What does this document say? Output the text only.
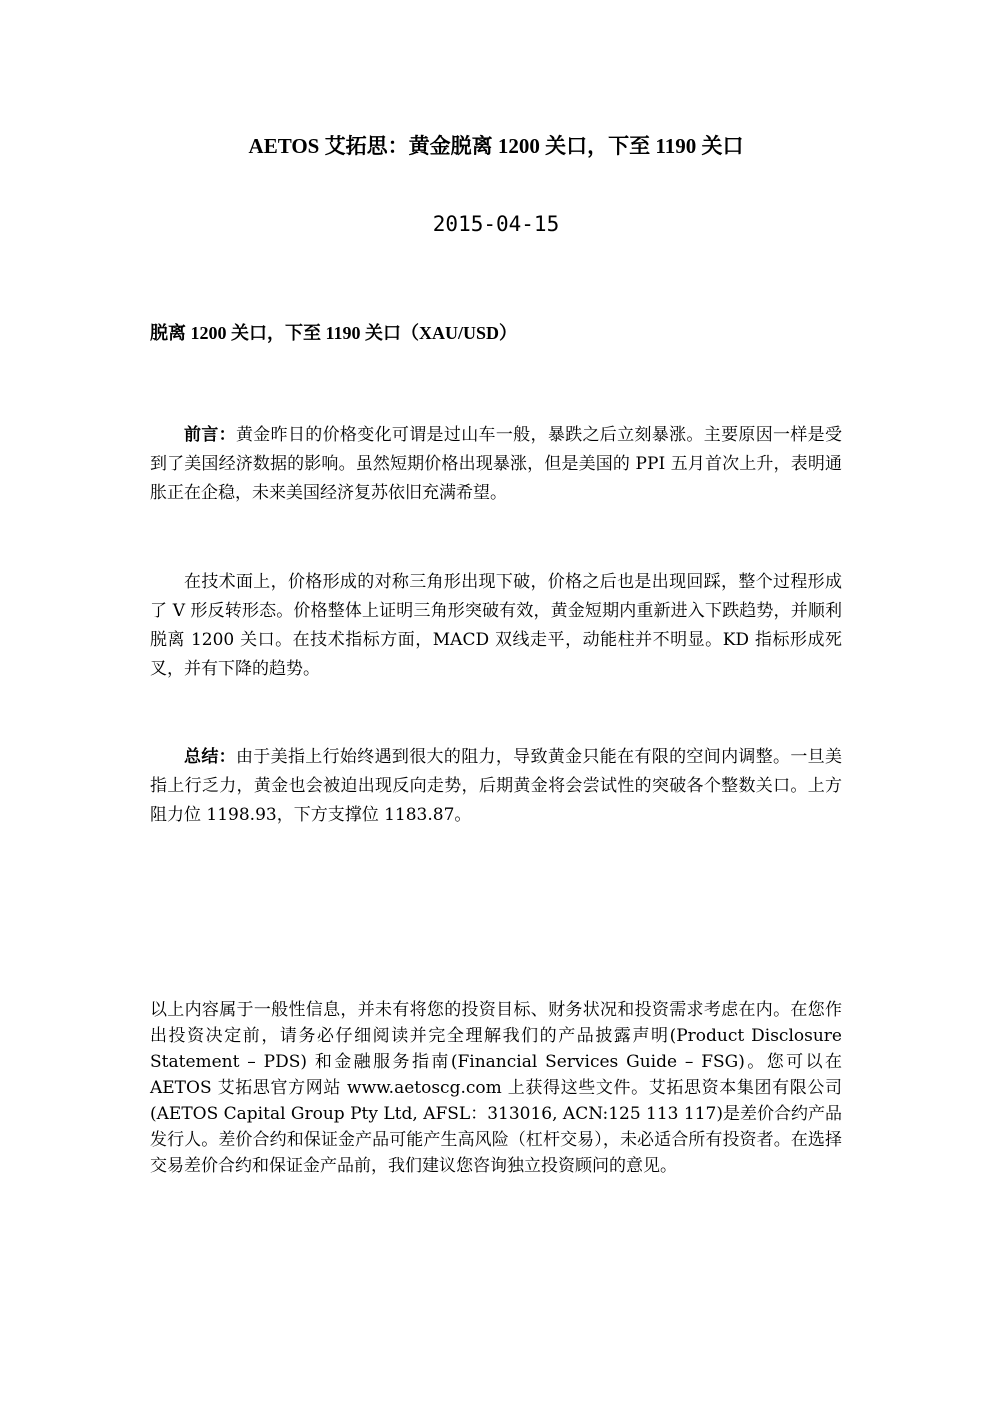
AETOS 艾拓思：黄金脱离 1200 关口，下至 1190 关口
2015-04-15
脱离 1200 关口，下至 1190 关口（XAU/USD）

前言：黄金昨日的价格变化可谓是过山车一般，暴跌之后立刻暴涨。主要原因一样是受到了美国经济数据的影响。虽然短期价格出现暴涨，但是美国的 PPI 五月首次上升，表明通胀正在企稳，未来美国经济复苏依旧充满希望。

在技术面上，价格形成的对称三角形出现下破，价格之后也是出现回踩，整个过程形成了 V 形反转形态。价格整体上证明三角形突破有效，黄金短期内重新进入下跌趋势，并顺利脱离 1200 关口。在技术指标方面，MACD 双线走平，动能柱并不明显。KD 指标形成死叉，并有下降的趋势。

总结：由于美指上行始终遇到很大的阻力，导致黄金只能在有限的空间内调整。一旦美指上行乏力，黄金也会被迫出现反向走势，后期黄金将会尝试性的突破各个整数关口。上方阻力位 1198.93，下方支撑位 1183.87。

以上内容属于一般性信息，并未有将您的投资目标、财务状况和投资需求考虑在内。在您作出投资决定前，请务必仔细阅读并完全理解我们的产品披露声明(Product Disclosure Statement – PDS) 和金融服务指南(Financial Services Guide – FSG)。您可以在 AETOS 艾拓思官方网站 www.aetoscg.com 上获得这些文件。艾拓思资本集团有限公司(AETOS Capital Group Pty Ltd, AFSL：313016, ACN:125 113 117)是差价合约产品发行人。差价合约和保证金产品可能产生高风险（杠杆交易），未必适合所有投资者。在选择交易差价合约和保证金产品前，我们建议您咨询独立投资顾问的意见。
